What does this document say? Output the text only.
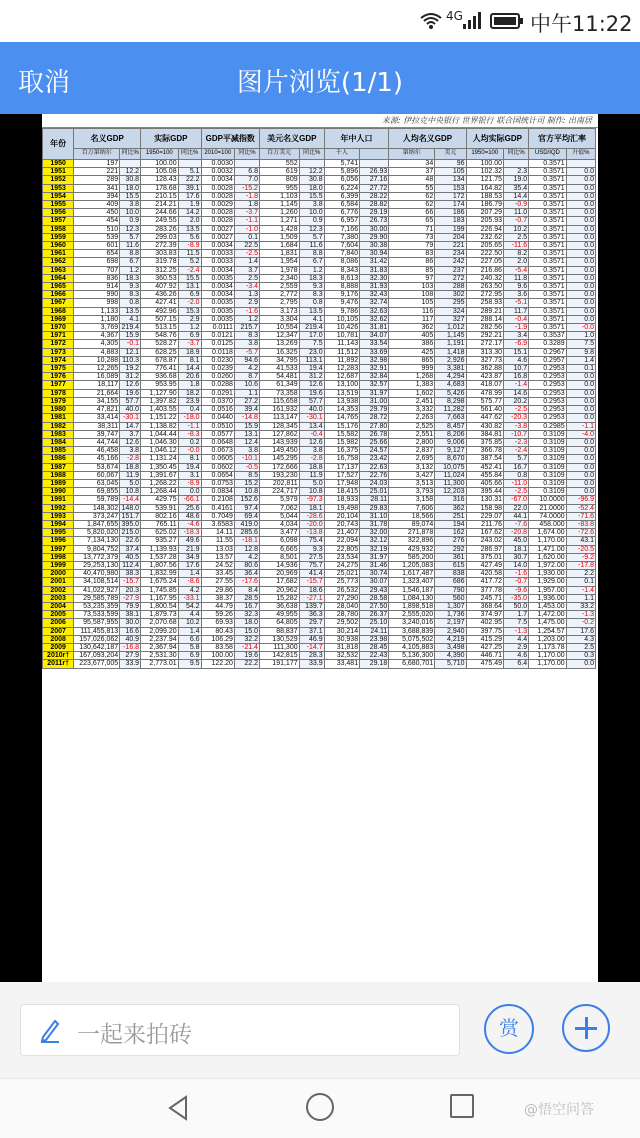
4G	中午11:22
取消	图片浏览(1/1)
来源: 伊拉克中央银行 世界银行 联合国统计司 制作: 出南居
年份	名义GDP		实际GDP		GDP平减指数		美元名义GDP		年中人口		人均名义GDP		人均实际GDP		官方平均汇率	
	百万第纳尔	同比%	1950=100	同比%	2010=100	同比%	百万美元	同比%	千人		第纳尔	美元	1950=100	同比%	USD/IQD	升值%
1950	197		100.00		0.0030		552		5,741		34	96	100.00		0.3571	
1951	221	12.2	105.08	5.1	0.0032	6.8	619	12.2	5,896	26.93	37	105	102.32	2.3	0.3571	0.0
1952	289	30.8	128.43	22.2	0.0034	7.0	809	30.8	6,056	27.16	48	134	121.75	19.0	0.3571	0.0
1953	341	18.0	178.68	39.1	0.0028	-15.2	955	18.0	6,224	27.72	55	153	164.82	35.4	0.3571	0.0
1954	394	15.5	210.15	17.6	0.0028	-1.8	1,103	15.5	6,399	28.22	62	172	188.53	14.4	0.3571	0.0
1955	409	3.8	214.21	1.9	0.0029	1.8	1,145	3.8	6,584	28.82	62	174	186.79	-0.9	0.3571	0.0
1956	450	10.0	244.66	14.2	0.0028	-3.7	1,260	10.0	6,776	29.19	66	186	207.29	11.0	0.3571	0.0
1957	454	0.9	249.55	2.0	0.0028	-1.1	1,271	0.9	6,957	26.73	65	183	205.93	-0.7	0.3571	0.0
1958	510	12.3	283.26	13.5	0.0027	-1.0	1,428	12.3	7,166	30.00	71	199	226.94	10.2	0.3571	0.0
1959	539	5.7	299.03	5.6	0.0027	0.1	1,509	5.7	7,380	29.90	73	204	232.62	2.5	0.3571	0.0
1960	601	11.6	272.39	-8.9	0.0034	22.5	1,684	11.6	7,604	30.38	79	221	205.65	-11.6	0.3571	0.0
1961	654	8.8	303.83	11.5	0.0033	-2.5	1,831	8.8	7,840	30.94	83	234	222.50	8.2	0.3571	0.0
1962	698	6.7	319.78	5.2	0.0033	1.4	1,954	6.7	8,086	31.42	86	242	227.05	2.0	0.3571	0.0
1963	707	1.2	312.25	-2.4	0.0034	3.7	1,978	1.2	8,343	31.83	85	237	216.86	-5.4	0.3571	0.0
1964	836	18.3	360.53	15.5	0.0035	2.5	2,340	18.3	8,613	32.30	97	272	240.32	11.8	0.3571	0.0
1965	914	9.3	407.92	13.1	0.0034	-3.4	2,559	9.3	8,888	31.93	103	288	263.50	9.6	0.3571	0.0
1966	990	8.3	436.26	6.9	0.0034	1.3	2,772	8.3	9,176	32.43	108	302	272.95	3.6	0.3571	0.0
1967	998	0.8	427.41	-2.0	0.0035	2.9	2,795	0.8	9,476	32.74	105	295	258.93	-5.1	0.3571	0.0
1968	1,133	13.5	492.96	15.3	0.0035	-1.6	3,173	13.5	9,786	32.63	116	324	289.21	11.7	0.3571	0.0
1969	1,180	4.1	507.15	2.9	0.0035	1.2	3,304	4.1	10,105	32.62	117	327	288.14	-0.4	0.3571	0.0
1970	3,769	219.4	513.15	1.2	0.0111	215.7	10,554	219.4	10,426	31.81	362	1,012	282.56	-1.9	0.3571	-0.0
1971	4,367	15.9	548.76	6.9	0.0121	8.3	12,347	17.0	10,781	34.07	405	1,145	292.21	3.4	0.3537	1.0
1972	4,305	-0.1	528.27	-3.7	0.0125	3.8	13,269	7.5	11,143	33.54	386	1,191	272.17	-6.9	0.3289	7.5
1973	4,883	12.1	628.25	18.9	0.0118	-5.7	16,325	23.0	11,512	33.69	425	1,418	313.30	15.1	0.2967	9.8
1974	10,288	110.3	678.87	8.1	0.0230	94.6	34,795	113.1	11,892	32.98	865	2,926	327.73	4.6	0.2957	1.4
1975	12,265	19.2	776.41	14.4	0.0239	4.2	41,533	19.4	12,283	32.91	999	3,381	362.88	10.7	0.2953	0.1
1976	16,089	31.2	936.68	20.6	0.0260	8.7	54,481	31.2	12,687	32.84	1,268	4,294	423.87	16.8	0.2953	0.0
1977	18,117	12.6	953.95	1.8	0.0288	10.6	61,349	12.6	13,100	32.57	1,383	4,683	418.07	-1.4	0.2953	0.0
1978	21,664	19.6	1,127.90	18.2	0.0291	1.1	73,358	19.6	13,519	31.97	1,602	5,426	478.99	14.6	0.2953	0.0
1979	34,155	57.7	1,397.82	23.9	0.0370	27.2	115,658	57.7	13,938	31.00	2,451	8,298	575.77	20.2	0.2953	0.0
1980	47,821	40.0	1,403.55	0.4	0.0516	39.4	161,932	40.0	14,353	29.79	3,332	11,282	561.40	-2.5	0.2953	0.0
1981	33,414	-30.1	1,151.22	-18.0	0.0440	-14.8	113,147	-30.1	14,765	28.72	2,263	7,663	447.62	-20.3	0.2953	0.0
1982	38,311	14.7	1,138.82	-1.1	0.0510	15.9	128,345	13.4	15,176	27.80	2,525	8,457	430.82	-3.8	0.2985	-1.1
1983	39,747	3.7	1,044.44	-8.3	0.0577	13.1	127,862	-0.4	15,582	26.78	2,551	8,206	384.81	-10.7	0.3109	-4.0
1984	44,744	12.6	1,046.30	0.2	0.0648	12.4	143,939	12.6	15,982	25.66	2,800	9,006	375.85	-2.3	0.3109	0.0
1985	46,458	3.8	1,046.12	-0.0	0.0673	3.8	149,450	3.8	16,375	24.57	2,837	9,127	366.78	-2.4	0.3109	0.0
1986	45,166	-2.8	1,131.24	8.1	0.0605	-10.1	145,295	-2.8	16,758	23.42	2,695	8,670	387.54	5.7	0.3109	0.0
1987	53,674	18.8	1,350.45	19.4	0.0602	-0.5	172,666	18.8	17,137	22.63	3,132	10,075	452.41	16.7	0.3109	0.0
1988	60,067	11.9	1,391.67	3.1	0.0654	8.5	193,230	11.9	17,527	22.76	3,427	11,024	455.84	0.8	0.3109	0.0
1989	63,045	5.0	1,268.22	-8.9	0.0753	15.2	202,811	5.0	17,948	24.03	3,513	11,300	405.66	-11.0	0.3109	0.0
1990	69,855	10.8	1,268.44	0.0	0.0834	10.8	224,717	10.8	18,415	25.01	3,793	12,203	395.44	-2.5	0.3109	0.0
1991	59,789	-14.4	429.75	-66.1	0.2108	152.6	5,979	-97.3	18,933	28.11	3,158	316	130.31	-67.0	10.0000	-96.9
1992	148,302	148.0	539.91	25.6	0.4161	97.4	7,062	18.1	19,498	29.83	7,606	362	158.98	22.0	21.0000	-52.4
1993	373,247	151.7	802.16	48.6	0.7049	69.4	5,044	-28.6	20,104	31.10	18,566	251	229.07	44.1	74.0000	-71.6
1994	1,847,655	395.0	765.11	-4.6	3.6583	419.0	4,034	-20.0	20,743	31.78	89,074	194	211.76	-7.6	458.000	-83.8
1995	5,820,020	215.0	625.02	-18.3	14.11	285.6	3,477	-13.8	21,407	32.00	271,878	162	167.62	-20.8	1,674.00	-72.6
1996	7,134,130	22.6	935.27	49.6	11.55	-18.1	6,098	75.4	22,094	32.12	322,896	276	243.02	45.0	1,170.00	43.1
1997	9,804,752	37.4	1,139.93	21.9	13.03	12.8	6,665	9.3	22,805	32.19	429,932	292	286.97	18.1	1,471.00	-20.5
1998	13,772,379	40.5	1,537.28	34.9	13.57	4.2	8,501	27.5	23,534	31.97	585,200	361	375.01	30.7	1,620.00	-9.2
1999	29,253,130	112.4	1,807.56	17.6	24.52	80.6	14,936	75.7	24,275	31.46	1,205,083	615	427.49	14.0	1,972.00	-17.8
2000	40,470,980	38.3	1,832.99	1.4	33.45	36.4	20,969	41.4	25,021	30.74	1,617,487	838	420.58	-1.6	1,930.00	2.2
2001	34,108,514	-15.7	1,675.24	-8.6	27.55	-17.6	17,682	-15.7	25,773	30.07	1,323,407	686	417.72	-0.7	1,929.00	0.1
2002	41,022,927	20.3	1,745.85	4.2	29.86	8.4	20,962	18.6	26,532	29.43	1,546,187	790	377.78	-9.6	1,957.00	-1.4
2003	29,585,789	-27.9	1,167.95	-33.1	38.37	28.5	15,282	-27.1	27,290	28.58	1,084,130	560	245.71	-35.0	1,936.00	1.1
2004	53,235,359	79.9	1,800.54	54.2	44.79	16.7	36,638	139.7	28,040	27.50	1,898,518	1,307	368.64	50.0	1,453.00	33.2
2005	73,533,599	38.1	1,879.73	4.4	59.26	32.3	49,955	36.3	28,780	26.37	2,555,020	1,736	374.97	1.7	1,472.00	-1.3
2006	95,587,955	30.0	2,070.68	10.2	69.93	18.0	64,805	29.7	29,502	25.10	3,240,016	2,197	402.95	7.5	1,475.00	-0.2
2007	111,455,813	16.6	2,099.20	1.4	80.43	15.0	88,837	37.1	30,214	24.11	3,688,839	2,940	397.75	-1.3	1,254.57	17.6
2008	157,026,062	40.9	2,237.94	6.6	106.29	32.2	130,529	46.9	30,938	23.98	5,075,502	4,219	415.29	4.4	1,203.00	4.3
2009	130,642,187	-16.8	2,367.94	5.8	83.58	-21.4	111,300	-14.7	31,818	28.45	4,105,883	3,498	427.25	2.9	1,173.78	2.5
2010r†	167,093,204	27.9	2,531.30	6.9	100.00	19.6	142,815	28.3	32,532	22.43	5,136,300	4,390	446.71	4.6	1,170.00	0.3
2011r†	223,677,005	33.9	2,773.01	9.5	122.20	22.2	191,177	33.9	33,481	29.18	6,680,701	5,710	475.49	6.4	1,170.00	0.0
一起来拍砖	赏
@悟空问答
